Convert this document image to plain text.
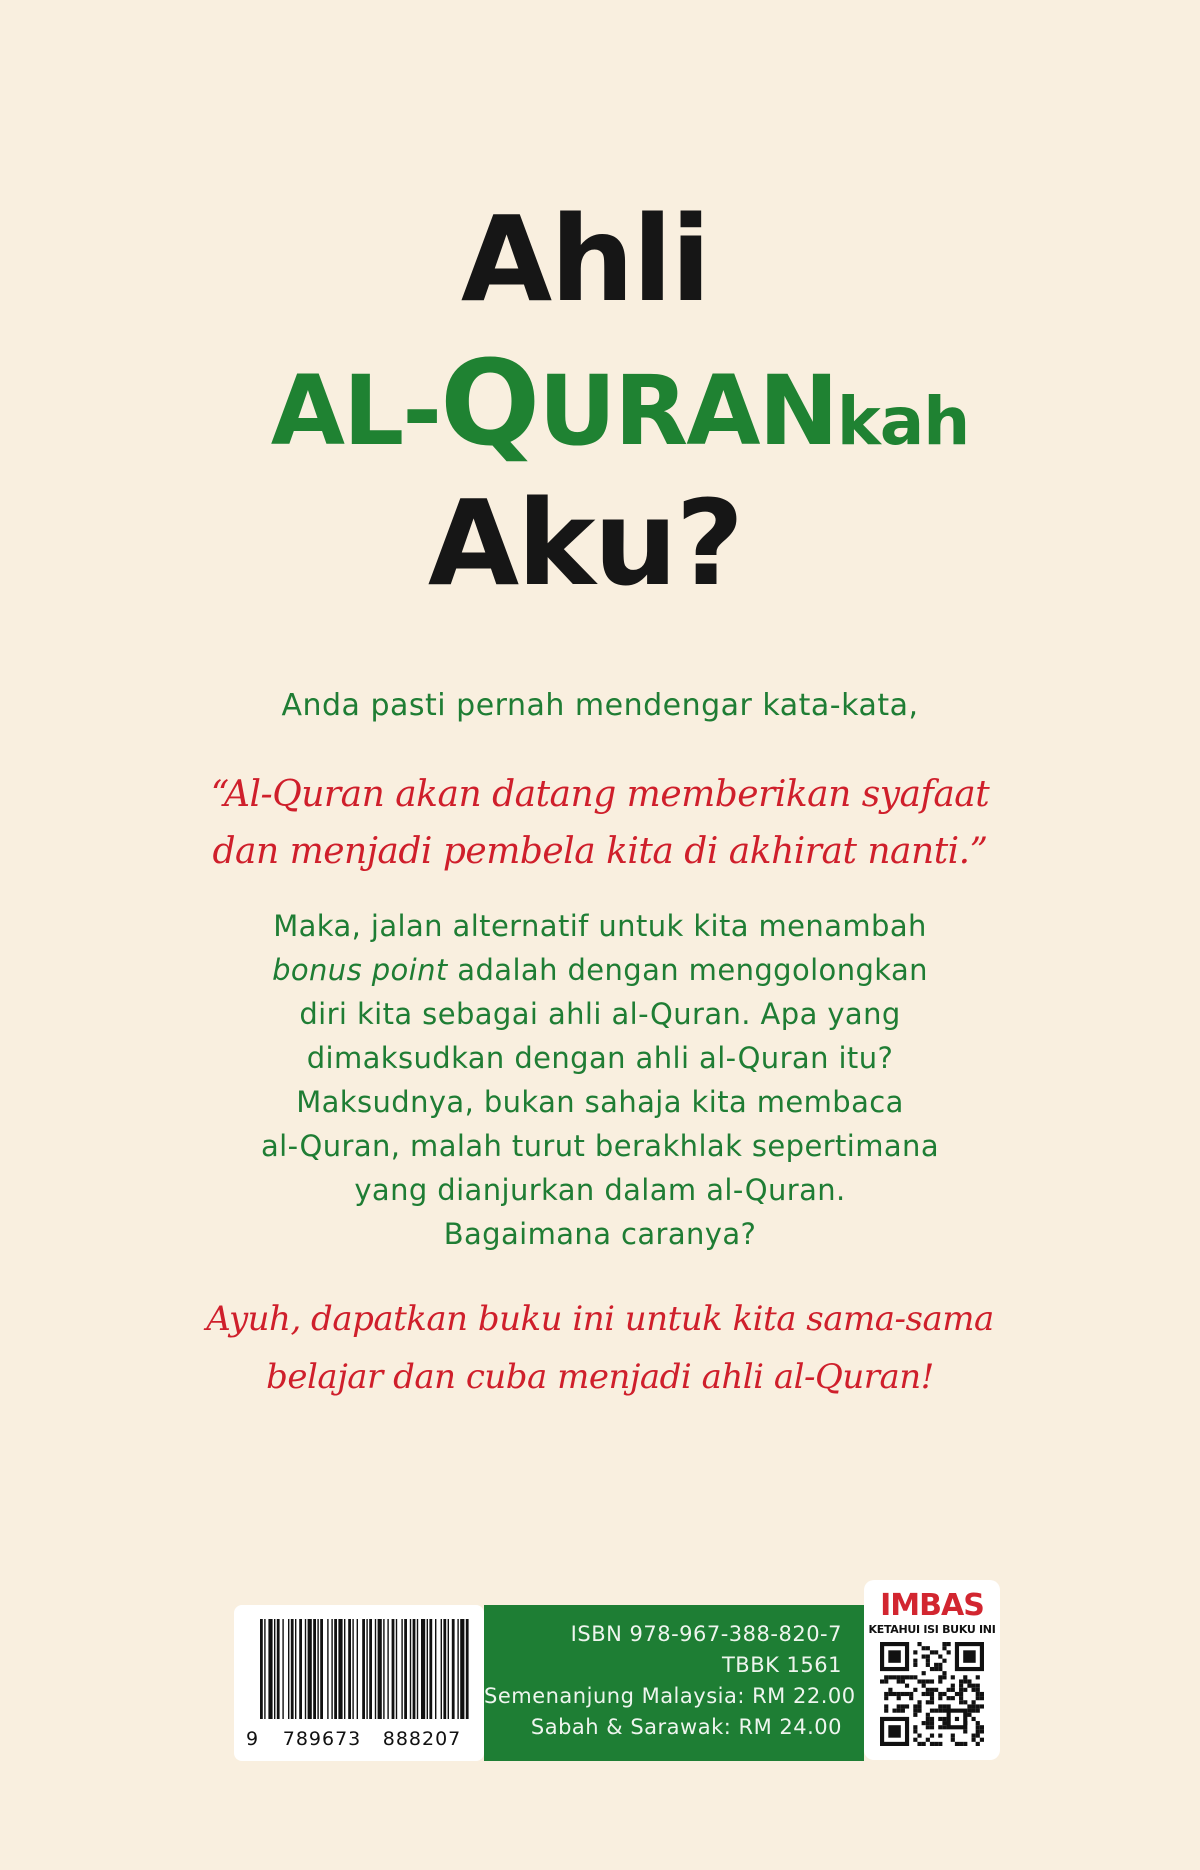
Ahli
AL-QURANkah
Aku?
Anda pasti pernah mendengar kata-kata,
“Al-Quran akan datang memberikan syafaat
dan menjadi pembela kita di akhirat nanti.”
Maka, jalan alternatif untuk kita menambah
bonus point adalah dengan menggolongkan
diri kita sebagai ahli al-Quran. Apa yang
dimaksudkan dengan ahli al-Quran itu?
Maksudnya, bukan sahaja kita membaca
al-Quran, malah turut berakhlak sepertimana
yang dianjurkan dalam al-Quran.
Bagaimana caranya?
Ayuh, dapatkan buku ini untuk kita sama-sama
belajar dan cuba menjadi ahli al-Quran!
9 789673 888207
ISBN 978-967-388-820-7
TBBK 1561
Semenanjung Malaysia: RM 22.00
Sabah & Sarawak: RM 24.00
IMBAS
KETAHUI ISI BUKU INI
